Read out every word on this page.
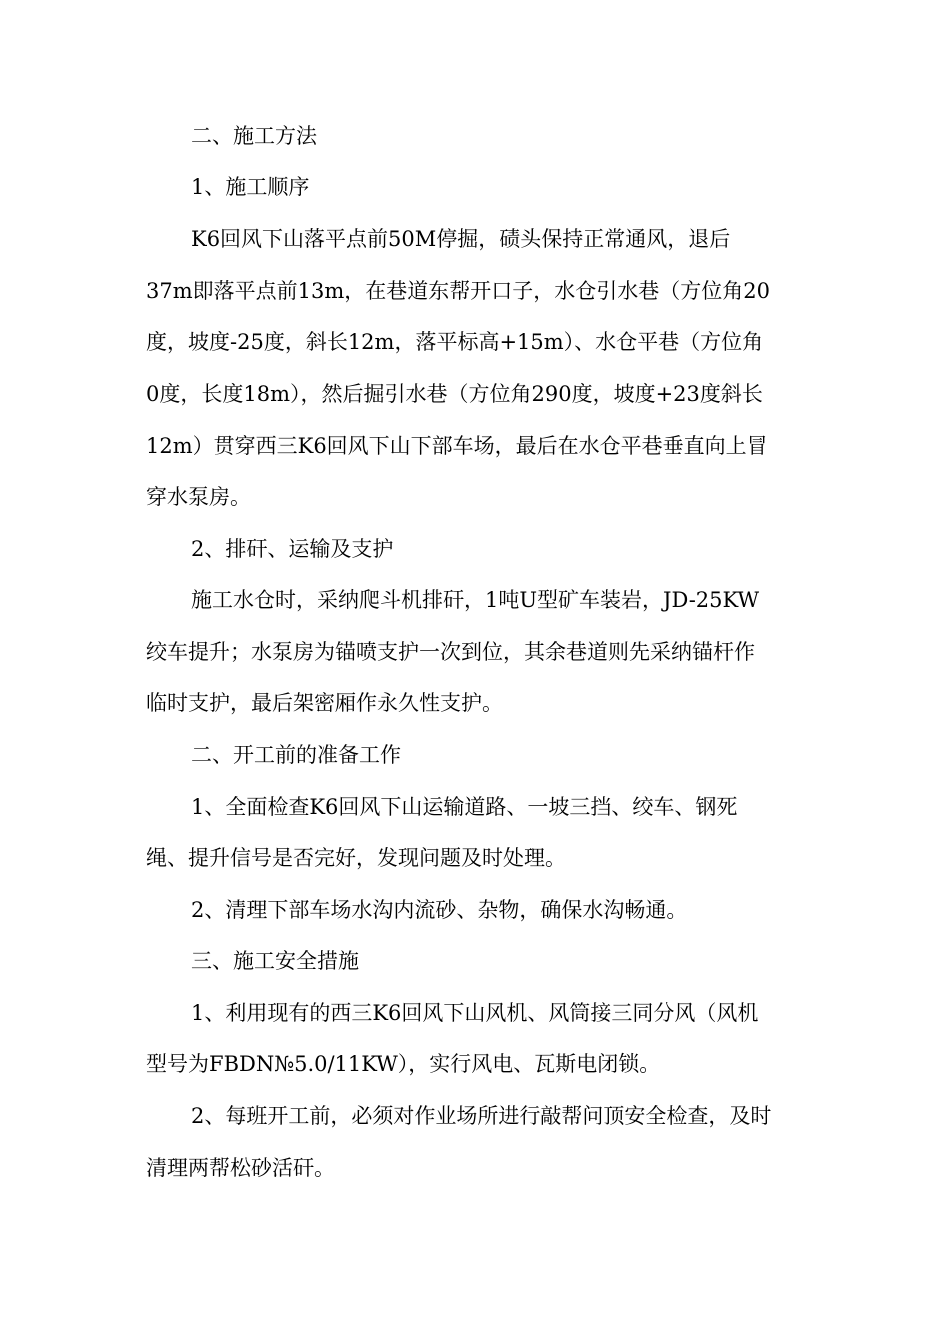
二、施工方法
1、施工顺序
K6回风下山落平点前50M停掘，碛头保持正常通风，退后
37m即落平点前13m，在巷道东帮开口子，水仓引水巷（方位角20
度，坡度-25度，斜长12m，落平标高+15m）、水仓平巷（方位角
0度，长度18m），然后掘引水巷（方位角290度，坡度+23度斜长
12m）贯穿西三K6回风下山下部车场，最后在水仓平巷垂直向上冒
穿水泵房。
2、排矸、运输及支护
施工水仓时，采纳爬斗机排矸，1吨U型矿车装岩，JD-25KW
绞车提升；水泵房为锚喷支护一次到位，其余巷道则先采纳锚杆作
临时支护，最后架密厢作永久性支护。
二、开工前的准备工作
1、全面检查K6回风下山运输道路、一坡三挡、绞车、钢死
绳、提升信号是否完好，发现问题及时处理。
2、清理下部车场水沟内流砂、杂物，确保水沟畅通。
三、施工安全措施
1、利用现有的西三K6回风下山风机、风筒接三同分风（风机
型号为FBDN№5.0/11KW），实行风电、瓦斯电闭锁。
2、每班开工前，必须对作业场所进行敲帮问顶安全检查，及时
清理两帮松砂活矸。
